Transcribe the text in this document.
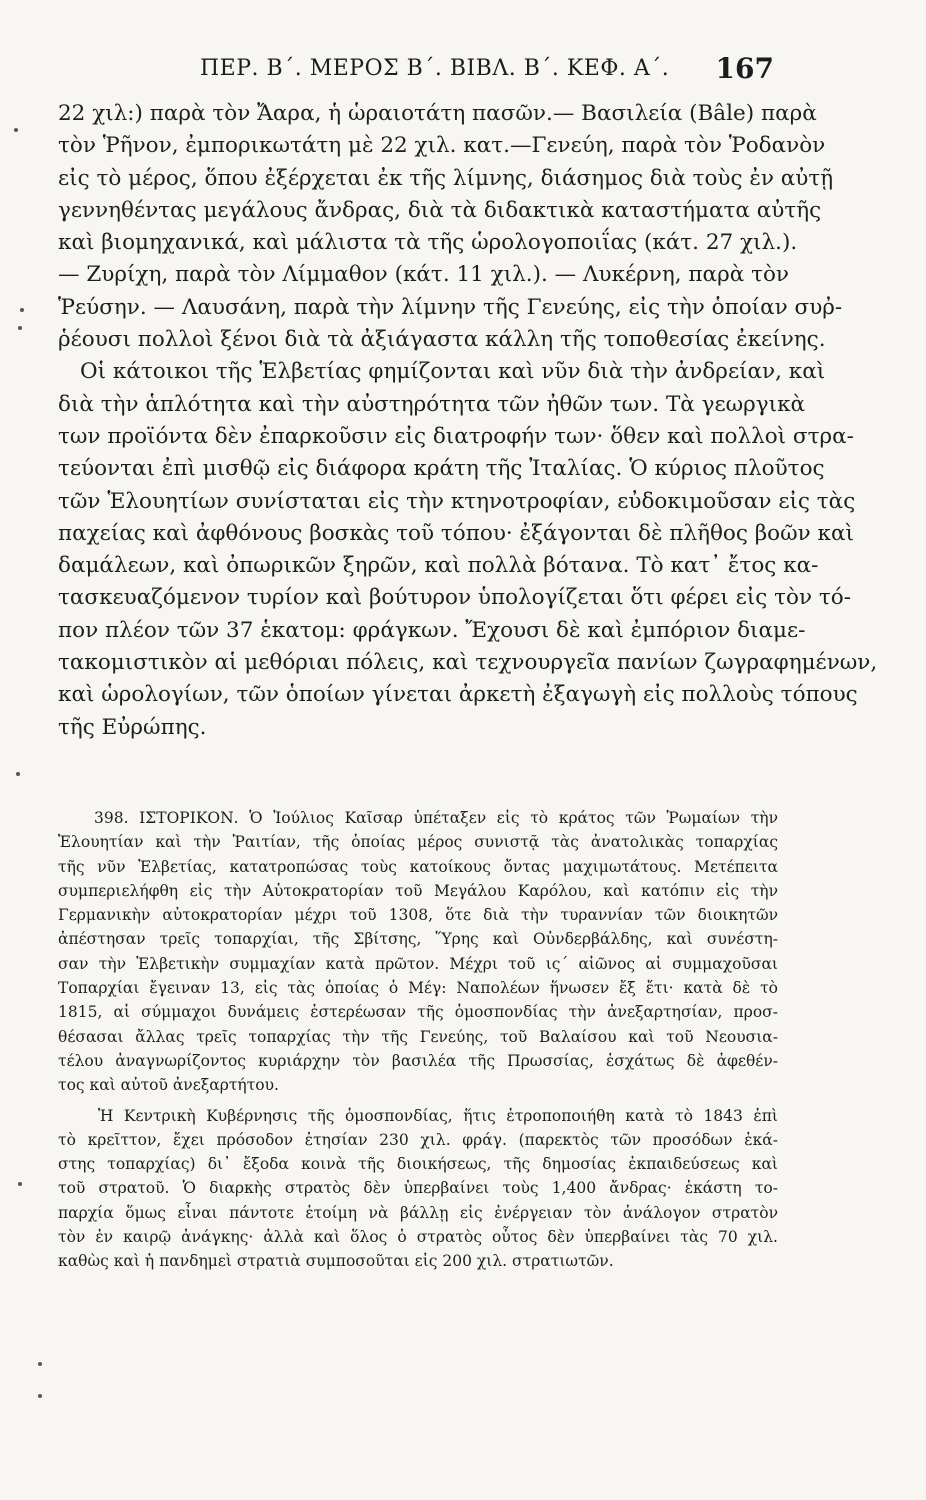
ΠΕΡ. Β΄. ΜΕΡΟΣ Β΄. ΒΙΒΛ. Β΄. ΚΕΦ. Α΄. 167
22 χιλ:) παρὰ τὸν Ἄαρα, ἡ ὡραιοτάτη πασῶν.— Βασιλεία (Bâle) παρὰ
τὸν Ῥῆνον, ἐμπορικωτάτη μὲ 22 χιλ. κατ.—Γενεύη, παρὰ τὸν Ῥοδανὸν
εἰς τὸ μέρος, ὅπου ἐξέρχεται ἐκ τῆς λίμνης, διάσημος διὰ τοὺς ἐν αὐτῇ
γεννηθέντας μεγάλους ἄνδρας, διὰ τὰ διδακτικὰ καταστήματα αὐτῆς
καὶ βιομηχανικά, καὶ μάλιστα τὰ τῆς ὡρολογοποιΐας (κάτ. 27 χιλ.).
— Ζυρίχη, παρὰ τὸν Λίμμαθον (κάτ. 11 χιλ.). — Λυκέρνη, παρὰ τὸν
Ῥεύσην. — Λαυσάνη, παρὰ τὴν λίμνην τῆς Γενεύης, εἰς τὴν ὁποίαν συῤ-
ῥέουσι πολλοὶ ξένοι διὰ τὰ ἀξιάγαστα κάλλη τῆς τοποθεσίας ἐκείνης.
Οἱ κάτοικοι τῆς Ἑλβετίας φημίζονται καὶ νῦν διὰ τὴν ἀνδρείαν, καὶ
διὰ τὴν ἁπλότητα καὶ τὴν αὐστηρότητα τῶν ἠθῶν των. Τὰ γεωργικὰ
των προϊόντα δὲν ἐπαρκοῦσιν εἰς διατροφήν των· ὅθεν καὶ πολλοὶ στρα-
τεύονται ἐπὶ μισθῷ εἰς διάφορα κράτη τῆς Ἰταλίας. Ὁ κύριος πλοῦτος
τῶν Ἑλουητίων συνίσταται εἰς τὴν κτηνοτροφίαν, εὐδοκιμοῦσαν εἰς τὰς
παχείας καὶ ἀφθόνους βοσκὰς τοῦ τόπου· ἐξάγονται δὲ πλῆθος βοῶν καὶ
δαμάλεων, καὶ ὀπωρικῶν ξηρῶν, καὶ πολλὰ βότανα. Τὸ κατ᾽ ἔτος κα-
τασκευαζόμενον τυρίον καὶ βούτυρον ὑπολογίζεται ὅτι φέρει εἰς τὸν τό-
πον πλέον τῶν 37 ἑκατομ: φράγκων. Ἔχουσι δὲ καὶ ἐμπόριον διαμε-
τακομιστικὸν αἱ μεθόριαι πόλεις, καὶ τεχνουργεῖα πανίων ζωγραφημένων,
καὶ ὡρολογίων, τῶν ὁποίων γίνεται ἀρκετὴ ἐξαγωγὴ εἰς πολλοὺς τόπους
τῆς Εὐρώπης.
398. ΙΣΤΟΡΙΚΟΝ. Ὁ Ἰούλιος Καῖσαρ ὑπέταξεν εἰς τὸ κράτος τῶν Ῥωμαίων τὴν
Ἑλουητίαν καὶ τὴν Ῥαιτίαν, τῆς ὁποίας μέρος συνιστᾷ τὰς ἀνατολικὰς τοπαρχίας
τῆς νῦν Ἑλβετίας, κατατροπώσας τοὺς κατοίκους ὄντας μαχιμωτάτους. Μετέπειτα
συμπεριελήφθη εἰς τὴν Αὐτοκρατορίαν τοῦ Μεγάλου Καρόλου, καὶ κατόπιν εἰς τὴν
Γερμανικὴν αὐτοκρατορίαν μέχρι τοῦ 1308, ὅτε διὰ τὴν τυραννίαν τῶν διοικητῶν
ἀπέστησαν τρεῖς τοπαρχίαι, τῆς Σβίτσης, Ὕρης καὶ Οὐνδερβάλδης, καὶ συνέστη-
σαν τὴν Ἑλβετικὴν συμμαχίαν κατὰ πρῶτον. Μέχρι τοῦ ις΄ αἰῶνος αἱ συμμαχοῦσαι
Τοπαρχίαι ἔγειναν 13, εἰς τὰς ὁποίας ὁ Μέγ: Ναπολέων ἥνωσεν ἔξ ἔτι· κατὰ δὲ τὸ
1815, αἱ σύμμαχοι δυνάμεις ἐστερέωσαν τῆς ὁμοσπονδίας τὴν ἀνεξαρτησίαν, προσ-
θέσασαι ἄλλας τρεῖς τοπαρχίας τὴν τῆς Γενεύης, τοῦ Βαλαίσου καὶ τοῦ Νεουσια-
τέλου ἀναγνωρίζοντος κυριάρχην τὸν βασιλέα τῆς Πρωσσίας, ἐσχάτως δὲ ἀφεθέν-
τος καὶ αὐτοῦ ἀνεξαρτήτου.
Ἡ Κεντρικὴ Κυβέρνησις τῆς ὁμοσπονδίας, ἥτις ἐτροποποιήθη κατὰ τὸ 1843 ἐπὶ
τὸ κρεῖττον, ἔχει πρόσοδον ἐτησίαν 230 χιλ. φράγ. (παρεκτὸς τῶν προσόδων ἑκά-
στης τοπαρχίας) δι᾽ ἔξοδα κοινὰ τῆς διοικήσεως, τῆς δημοσίας ἐκπαιδεύσεως καὶ
τοῦ στρατοῦ. Ὁ διαρκὴς στρατὸς δὲν ὑπερβαίνει τοὺς 1,400 ἄνδρας· ἑκάστη το-
παρχία ὅμως εἶναι πάντοτε ἑτοίμη νὰ βάλλῃ εἰς ἐνέργειαν τὸν ἀνάλογον στρατὸν
τὸν ἐν καιρῷ ἀνάγκης· ἀλλὰ καὶ ὅλος ὁ στρατὸς οὗτος δὲν ὑπερβαίνει τὰς 70 χιλ.
καθὼς καὶ ἡ πανδημεὶ στρατιὰ συμποσοῦται εἰς 200 χιλ. στρατιωτῶν.
